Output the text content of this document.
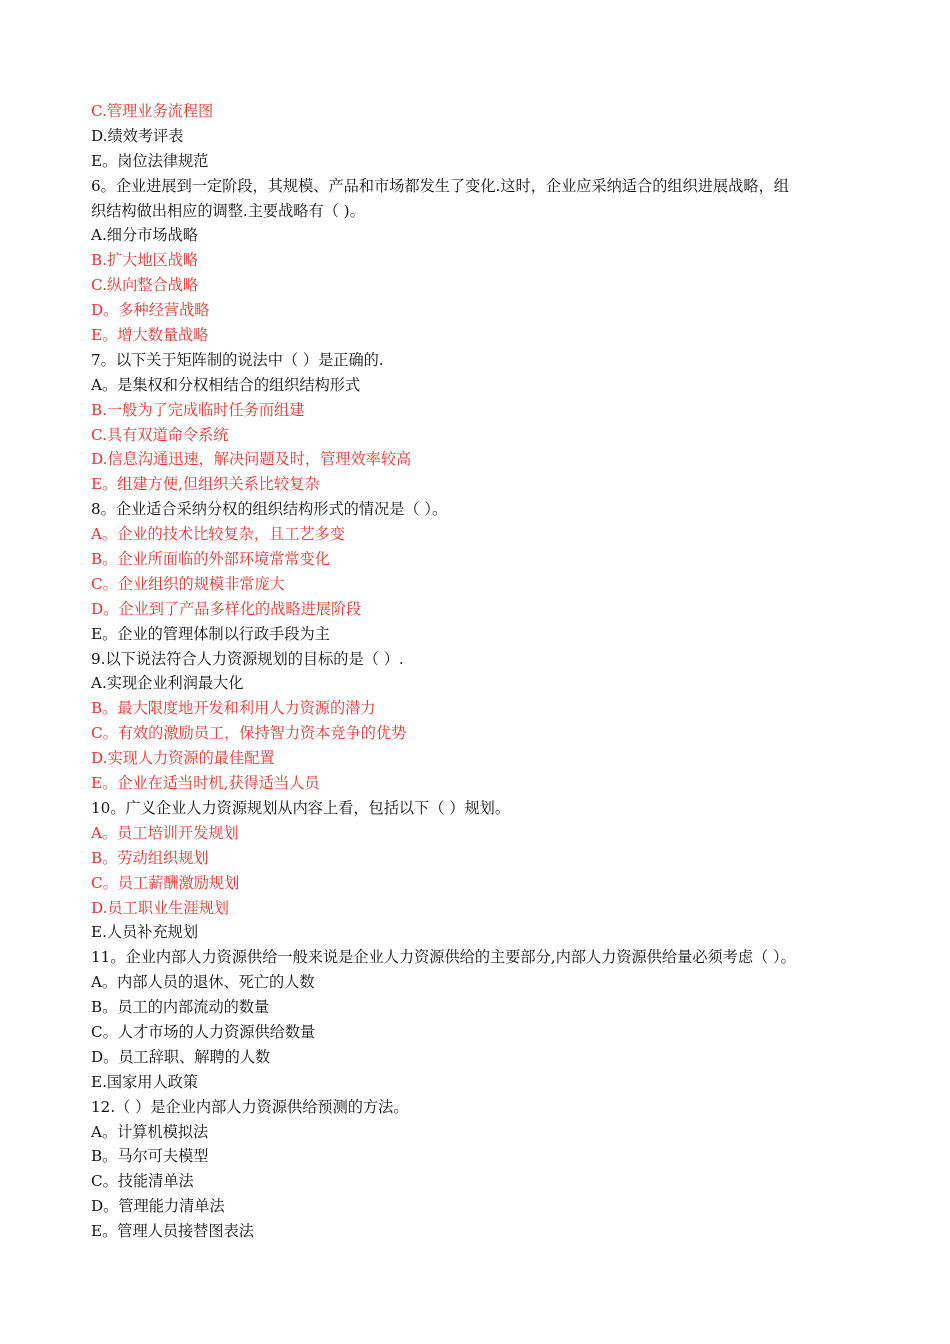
C.管理业务流程图
D.绩效考评表
E。岗位法律规范
6。企业进展到一定阶段，其规模、产品和市场都发生了变化.这时，企业应采纳适合的组织进展战略，组
织结构做出相应的调整.主要战略有（ )。
A.细分市场战略
B.扩大地区战略
C.纵向整合战略
D。多种经营战略
E。增大数量战略
7。以下关于矩阵制的说法中（ ）是正确的.
A。是集权和分权相结合的组织结构形式
B.一般为了完成临时任务而组建
C.具有双道命令系统
D.信息沟通迅速，解决问题及时，管理效率较高
E。组建方便,但组织关系比较复杂
8。企业适合采纳分权的组织结构形式的情况是（ ）。
A。企业的技术比较复杂，且工艺多变
B。企业所面临的外部环境常常变化
C。企业组织的规模非常庞大
D。企业到了产品多样化的战略进展阶段
E。企业的管理体制以行政手段为主
9.以下说法符合人力资源规划的目标的是（ ）.
A.实现企业利润最大化
B。最大限度地开发和利用人力资源的潜力
C。有效的激励员工，保持智力资本竞争的优势
D.实现人力资源的最佳配置
E。企业在适当时机,获得适当人员
10。广义企业人力资源规划从内容上看，包括以下（ ）规划。
A。员工培训开发规划
B。劳动组织规划
C。员工薪酬激励规划
D.员工职业生涯规划
E.人员补充规划
11。企业内部人力资源供给一般来说是企业人力资源供给的主要部分,内部人力资源供给量必须考虑（ ）。
A。内部人员的退休、死亡的人数
B。员工的内部流动的数量
C。人才市场的人力资源供给数量
D。员工辞职、解聘的人数
E.国家用人政策
12.（ ）是企业内部人力资源供给预测的方法。
A。计算机模拟法
B。马尔可夫模型
C。技能清单法
D。管理能力清单法
E。管理人员接替图表法
